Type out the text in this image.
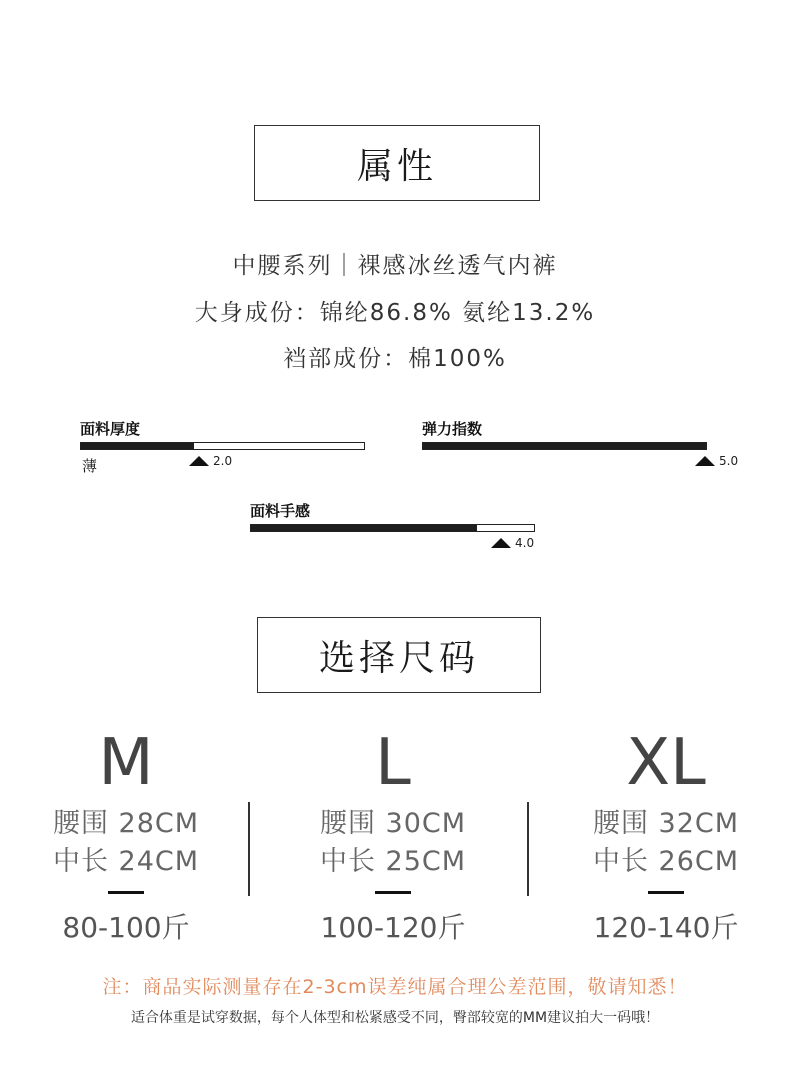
属性
中腰系列｜裸感冰丝透气内裤
大身成份：锦纶86.8% 氨纶13.2%
裆部成份：棉100%
面料厚度
薄	2.0
弹力指数
5.0
面料手感
4.0
选择尺码
M
腰围 28CM
中长 24CM
80-100斤
L
腰围 30CM
中长 25CM
100-120斤
XL
腰围 32CM
中长 26CM
120-140斤
注：商品实际测量存在2-3cm误差纯属合理公差范围，敬请知悉！
适合体重是试穿数据，每个人体型和松紧感受不同，臀部较宽的MM建议拍大一码哦！
